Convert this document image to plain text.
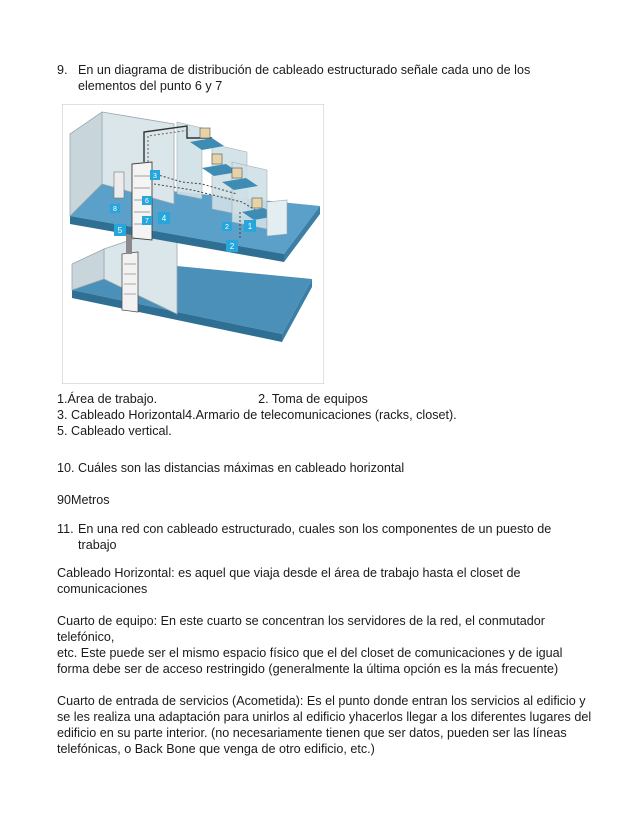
9. En un diagrama de distribución de cableado estructurado señale cada uno de los elementos del punto 6 y 7
3
8
6
7 4
5	2
2
1
1.Área de trabajo.	2. Toma de equipos
3. Cableado Horizontal4.Armario de telecomunicaciones (racks, closet).
5. Cableado vertical.
10. Cuáles son las distancias máximas en cableado horizontal
90Metros
11. En una red con cableado estructurado, cuales son los componentes de un puesto de trabajo
Cableado Horizontal: es aquel que viaja desde el área de trabajo hasta el closet de comunicaciones
Cuarto de equipo: En este cuarto se concentran los servidores de la red, el conmutador telefónico,
etc. Este puede ser el mismo espacio físico que el del closet de comunicaciones y de igual forma debe ser de acceso restringido (generalmente la última opción es la más frecuente)
Cuarto de entrada de servicios (Acometida): Es el punto donde entran los servicios al edificio y se les realiza una adaptación para unirlos al edificio yhacerlos llegar a los diferentes lugares del edificio en su parte interior. (no necesariamente tienen que ser datos, pueden ser las líneas telefónicas, o Back Bone que venga de otro edificio, etc.)
